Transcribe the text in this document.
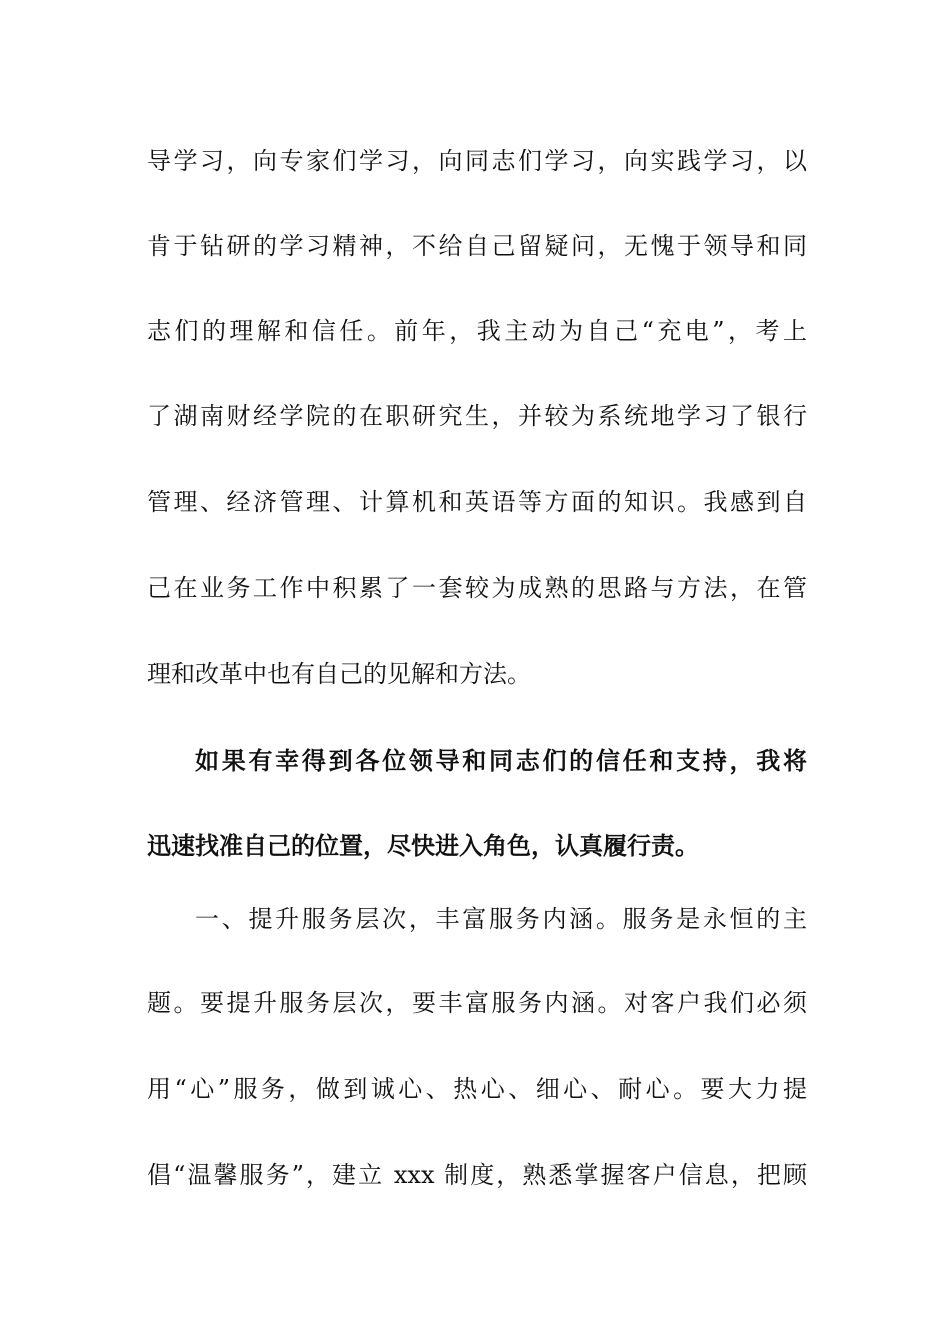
导学习，向专家们学习，向同志们学习，向实践学习，以
肯于钻研的学习精神，不给自己留疑问，无愧于领导和同
志们的理解和信任。前年，我主动为自己“充电”，考上
了湖南财经学院的在职研究生，并较为系统地学习了银行
管理、经济管理、计算机和英语等方面的知识。我感到自
己在业务工作中积累了一套较为成熟的思路与方法，在管
理和改革中也有自己的见解和方法。
如果有幸得到各位领导和同志们的信任和支持，我将
迅速找准自己的位置，尽快进入角色，认真履行责。
一、提升服务层次，丰富服务内涵。服务是永恒的主
题。要提升服务层次，要丰富服务内涵。对客户我们必须
用“心”服务，做到诚心、热心、细心、耐心。要大力提
倡“温馨服务”，建立 xxx 制度，熟悉掌握客户信息，把顾
